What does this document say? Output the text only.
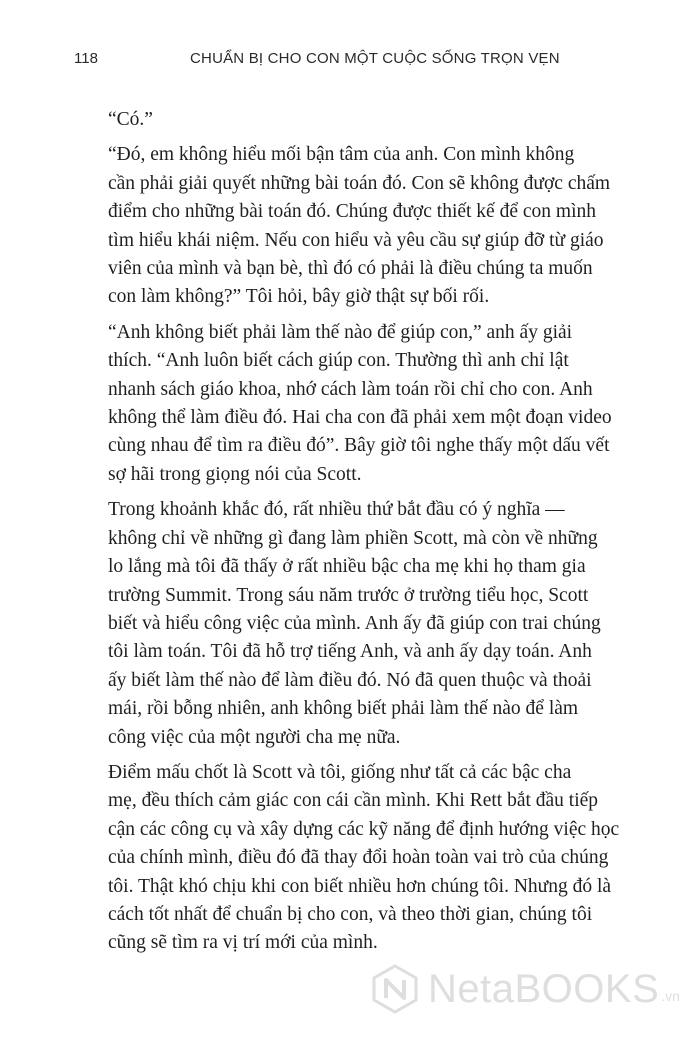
118	CHUẨN BỊ CHO CON MỘT CUỘC SỐNG TRỌN VẸN

“Có.”

“Đó, em không hiểu mối bận tâm của anh. Con mình không
cần phải giải quyết những bài toán đó. Con sẽ không được chấm
điểm cho những bài toán đó. Chúng được thiết kế để con mình
tìm hiểu khái niệm. Nếu con hiểu và yêu cầu sự giúp đỡ từ giáo
viên của mình và bạn bè, thì đó có phải là điều chúng ta muốn
con làm không?” Tôi hỏi, bây giờ thật sự bối rối.

“Anh không biết phải làm thế nào để giúp con,” anh ấy giải
thích. “Anh luôn biết cách giúp con. Thường thì anh chỉ lật
nhanh sách giáo khoa, nhớ cách làm toán rồi chỉ cho con. Anh
không thể làm điều đó. Hai cha con đã phải xem một đoạn video
cùng nhau để tìm ra điều đó”. Bây giờ tôi nghe thấy một dấu vết
sợ hãi trong giọng nói của Scott.

Trong khoảnh khắc đó, rất nhiều thứ bắt đầu có ý nghĩa —
không chỉ về những gì đang làm phiền Scott, mà còn về những
lo lắng mà tôi đã thấy ở rất nhiều bậc cha mẹ khi họ tham gia
trường Summit. Trong sáu năm trước ở trường tiểu học, Scott
biết và hiểu công việc của mình. Anh ấy đã giúp con trai chúng
tôi làm toán. Tôi đã hỗ trợ tiếng Anh, và anh ấy dạy toán. Anh
ấy biết làm thế nào để làm điều đó. Nó đã quen thuộc và thoải
mái, rồi bỗng nhiên, anh không biết phải làm thế nào để làm
công việc của một người cha mẹ nữa.

Điểm mấu chốt là Scott và tôi, giống như tất cả các bậc cha
mẹ, đều thích cảm giác con cái cần mình. Khi Rett bắt đầu tiếp
cận các công cụ và xây dựng các kỹ năng để định hướng việc học
của chính mình, điều đó đã thay đổi hoàn toàn vai trò của chúng
tôi. Thật khó chịu khi con biết nhiều hơn chúng tôi. Nhưng đó là
cách tốt nhất để chuẩn bị cho con, và theo thời gian, chúng tôi
cũng sẽ tìm ra vị trí mới của mình.

NetaBOOKS .vn
